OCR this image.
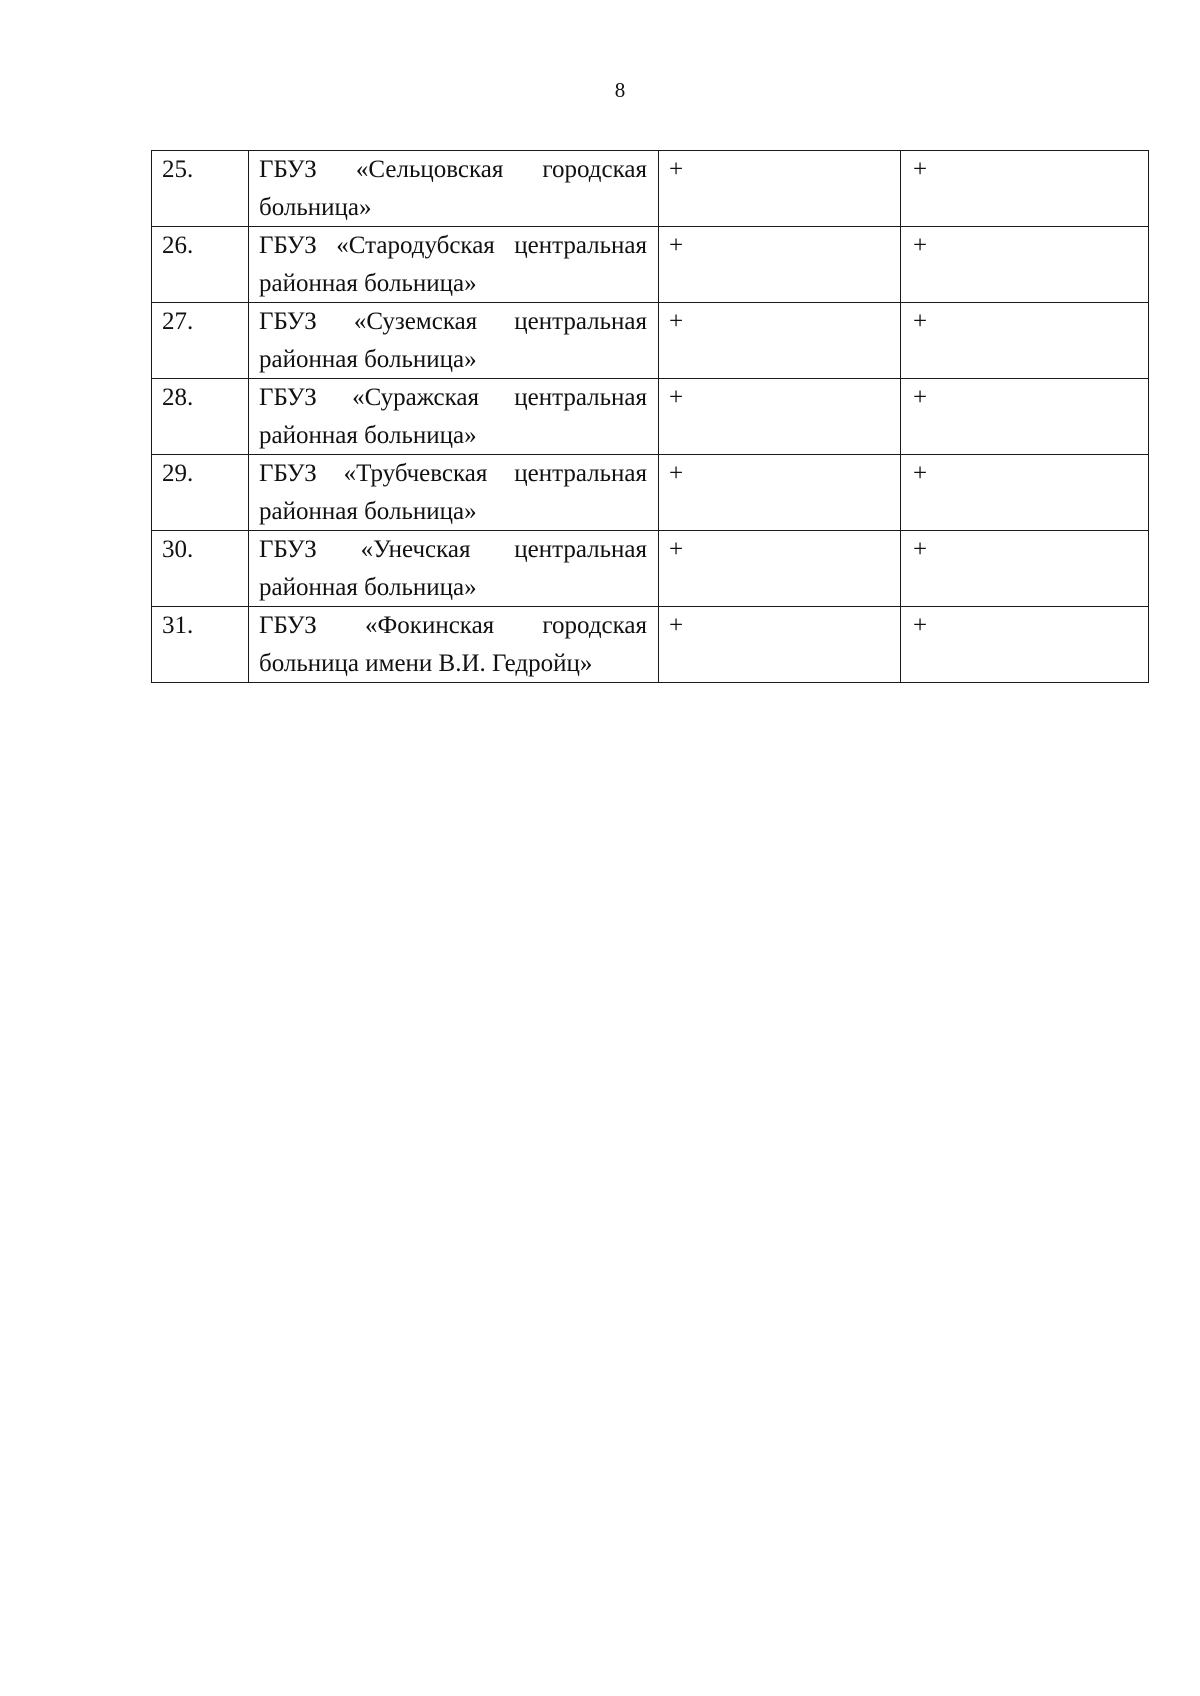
8
25.	ГБУЗ «Сельцовская городская больница»	+	+
26.	ГБУЗ «Стародубская центральная районная больница»	+	+
27.	ГБУЗ «Суземская центральная районная больница»	+	+
28.	ГБУЗ «Суражская центральная районная больница»	+	+
29.	ГБУЗ «Трубчевская центральная районная больница»	+	+
30.	ГБУЗ «Унечская центральная районная больница»	+	+
31.	ГБУЗ «Фокинская городская больница имени В.И. Гедройц»	+	+
